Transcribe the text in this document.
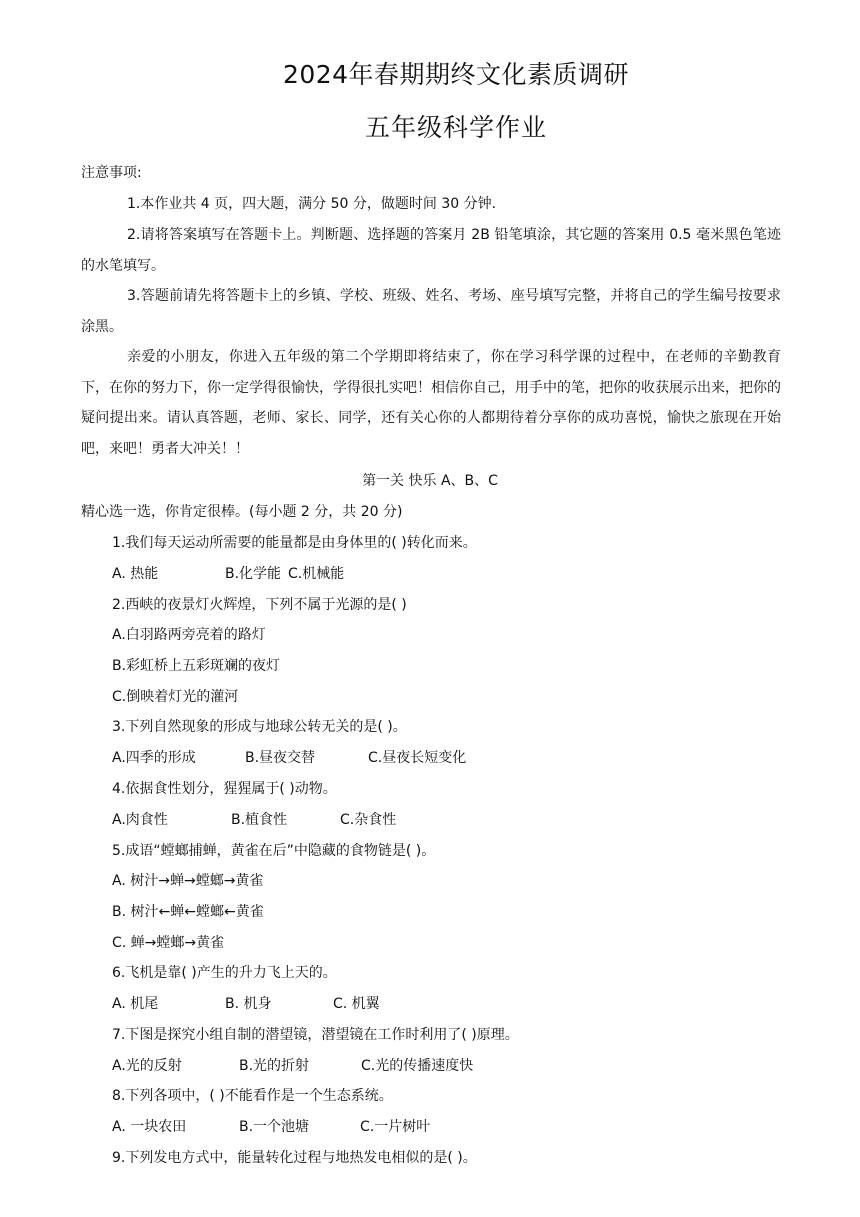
2024年春期期终文化素质调研
五年级科学作业
注意事项:
1.本作业共 4 页，四大题，满分 50 分，做题时间 30 分钟.
2.请将答案填写在答题卡上。判断题、选择题的答案月 2B 铅笔填涂，其它题的答案用 0.5 毫米黑色笔迹的水笔填写。
3.答题前请先将答题卡上的乡镇、学校、班级、姓名、考场、座号填写完整，并将自己的学生编号按要求涂黑。
亲爱的小朋友，你进入五年级的第二个学期即将结束了，你在学习科学课的过程中，在老师的辛勤教育下，在你的努力下，你一定学得很愉快，学得很扎实吧！相信你自己，用手中的笔，把你的收获展示出来，把你的疑问提出来。请认真答题，老师、家长、同学，还有关心你的人都期待着分享你的成功喜悦，愉快之旅现在开始吧，来吧！勇者大冲关！！
第一关 快乐 A、B、C
精心选一选，你肯定很棒。(每小题 2 分，共 20 分)
1.我们每天运动所需要的能量都是由身体里的( )转化而来。
A. 热能	B.化学能 C.机械能
2.西峡的夜景灯火辉煌，下列不属于光源的是( )
A.白羽路两旁亮着的路灯
B.彩虹桥上五彩斑斓的夜灯
C.倒映着灯光的灌河
3.下列自然现象的形成与地球公转无关的是( )。
A.四季的形成	B.昼夜交替	C.昼夜长短变化
4.依据食性划分，猩猩属于( )动物。
A.肉食性	B.植食性	C.杂食性
5.成语“螳螂捕蝉，黄雀在后”中隐藏的食物链是( )。
A. 树汁→蝉→螳螂→黄雀
B. 树汁←蝉←螳螂←黄雀
C. 蝉→螳螂→黄雀
6.飞机是靠( )产生的升力飞上天的。
A. 机尾	B. 机身	C. 机翼
7.下图是探究小组自制的潜望镜，潜望镜在工作时利用了( )原理。
A.光的反射	B.光的折射	C.光的传播速度快
8.下列各项中，( )不能看作是一个生态系统。
A. 一块农田	B.一个池塘	C.一片树叶
9.下列发电方式中，能量转化过程与地热发电相似的是( )。
